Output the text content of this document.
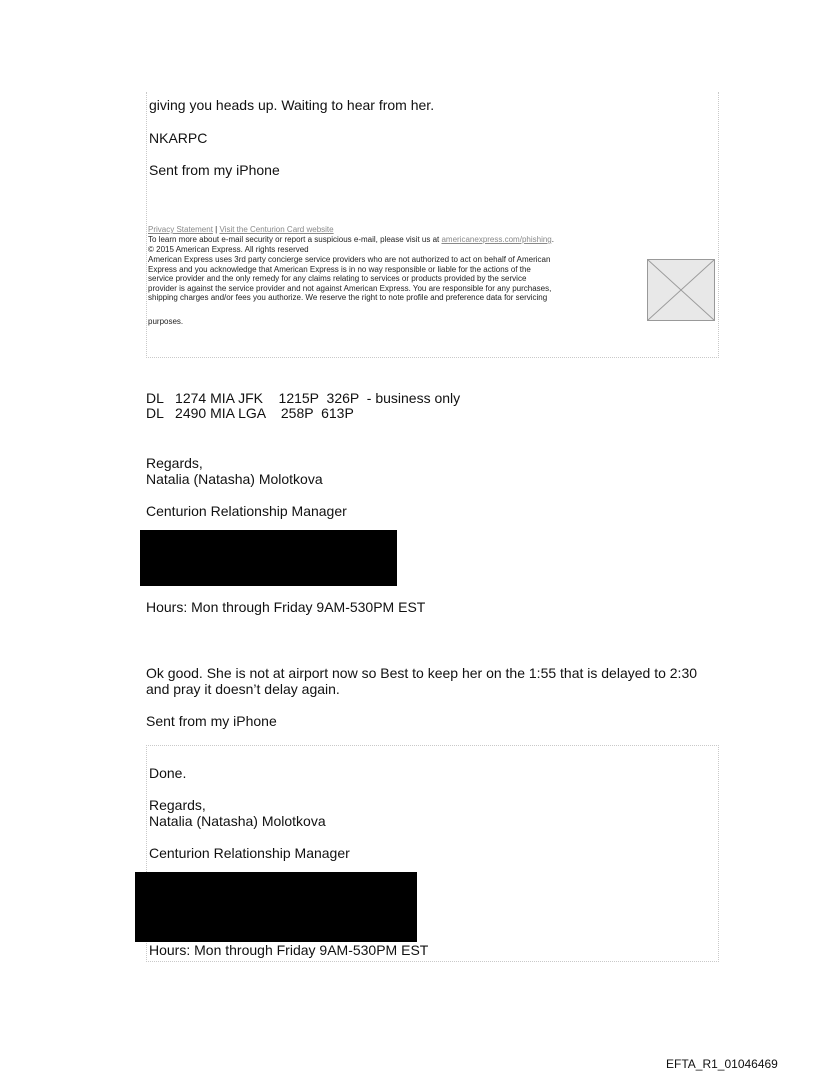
giving you heads up. Waiting to hear from her.
NKARPC
Sent from my iPhone
Privacy Statement | Visit the Centurion Card website
To learn more about e-mail security or report a suspicious e-mail, please visit us at americanexpress.com/phishing.
© 2015 American Express. All rights reserved
American Express uses 3rd party concierge service providers who are not authorized to act on behalf of American
Express and you acknowledge that American Express is in no way responsible or liable for the actions of the
service provider and the only remedy for any claims relating to services or products provided by the service
provider is against the service provider and not against American Express. You are responsible for any purchases,
shipping charges and/or fees you authorize. We reserve the right to note profile and preference data for servicing
purposes.
DL   1274 MIA JFK    1215P  326P  - business only
DL   2490 MIA LGA    258P  613P
Regards,
Natalia (Natasha) Molotkova
Centurion Relationship Manager
Hours: Mon through Friday 9AM-530PM EST
Ok good. She is not at airport now so Best to keep her on the 1:55 that is delayed to 2:30
and pray it doesn’t delay again.
Sent from my iPhone
Done.
Regards,
Natalia (Natasha) Molotkova
Centurion Relationship Manager
Hours: Mon through Friday 9AM-530PM EST
EFTA_R1_01046469
